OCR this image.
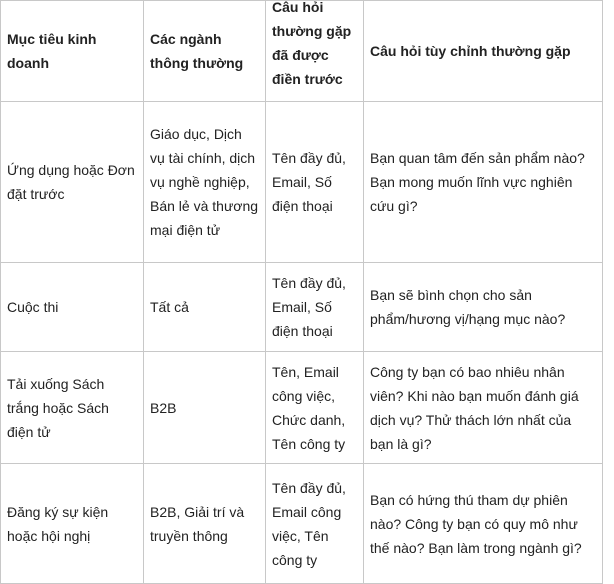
Mục tiêu kinh doanh	Các ngành thông thường	Câu hỏi thường gặp đã được điền trước	Câu hỏi tùy chỉnh thường gặp

Ứng dụng hoặc Đơn đặt trước	Giáo dục, Dịch vụ tài chính, dịch vụ nghề nghiệp, Bán lẻ và thương mại điện tử	Tên đầy đủ, Email, Số điện thoại	Bạn quan tâm đến sản phẩm nào? Bạn mong muốn lĩnh vực nghiên cứu gì?

Cuộc thi	Tất cả	Tên đầy đủ, Email, Số điện thoại	Bạn sẽ bình chọn cho sản phẩm/hương vị/hạng mục nào?

Tải xuống Sách trắng hoặc Sách điện tử	B2B	Tên, Email công việc, Chức danh, Tên công ty	Công ty bạn có bao nhiêu nhân viên? Khi nào bạn muốn đánh giá dịch vụ? Thử thách lớn nhất của bạn là gì?

Đăng ký sự kiện hoặc hội nghị	B2B, Giải trí và truyền thông	Tên đầy đủ, Email công việc, Tên công ty	Bạn có hứng thú tham dự phiên nào? Công ty bạn có quy mô như thế nào? Bạn làm trong ngành gì?
